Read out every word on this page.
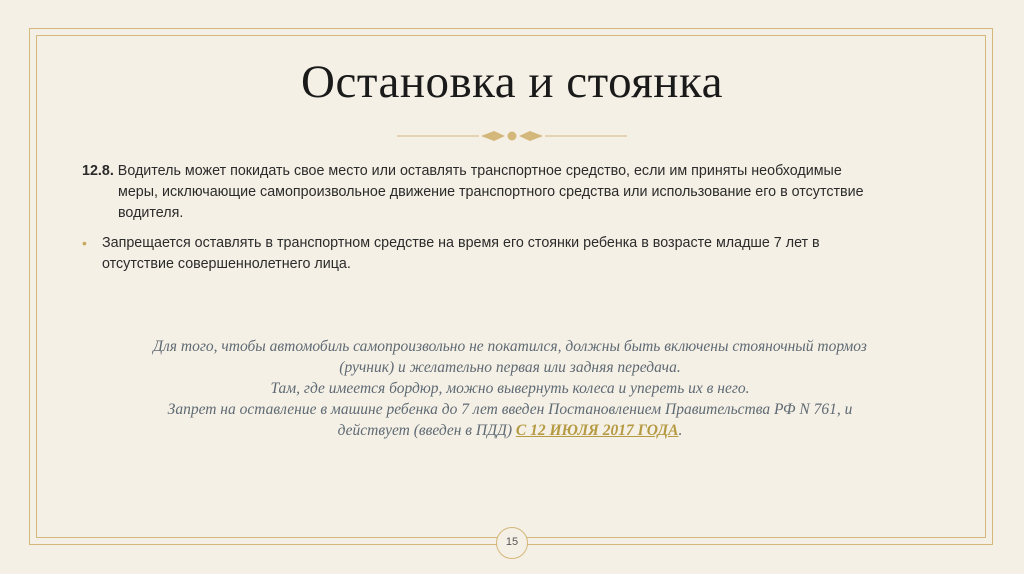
Остановка и стоянка
12.8. Водитель может покидать свое место или оставлять транспортное средство, если им приняты необходимые
меры, исключающие самопроизвольное движение транспортного средства или использование его в отсутствие
водителя.
•	Запрещается оставлять в транспортном средстве на время его стоянки ребенка в возрасте младше 7 лет в
отсутствие совершеннолетнего лица.
Для того, чтобы автомобиль самопроизвольно не покатился, должны быть включены стояночный тормоз
(ручник) и желательно первая или задняя передача.
Там, где имеется бордюр, можно вывернуть колеса и упереть их в него.
Запрет на оставление в машине ребенка до 7 лет введен Постановлением Правительства РФ N 761, и
действует (введен в ПДД) С 12 ИЮЛЯ 2017 ГОДА.
15
